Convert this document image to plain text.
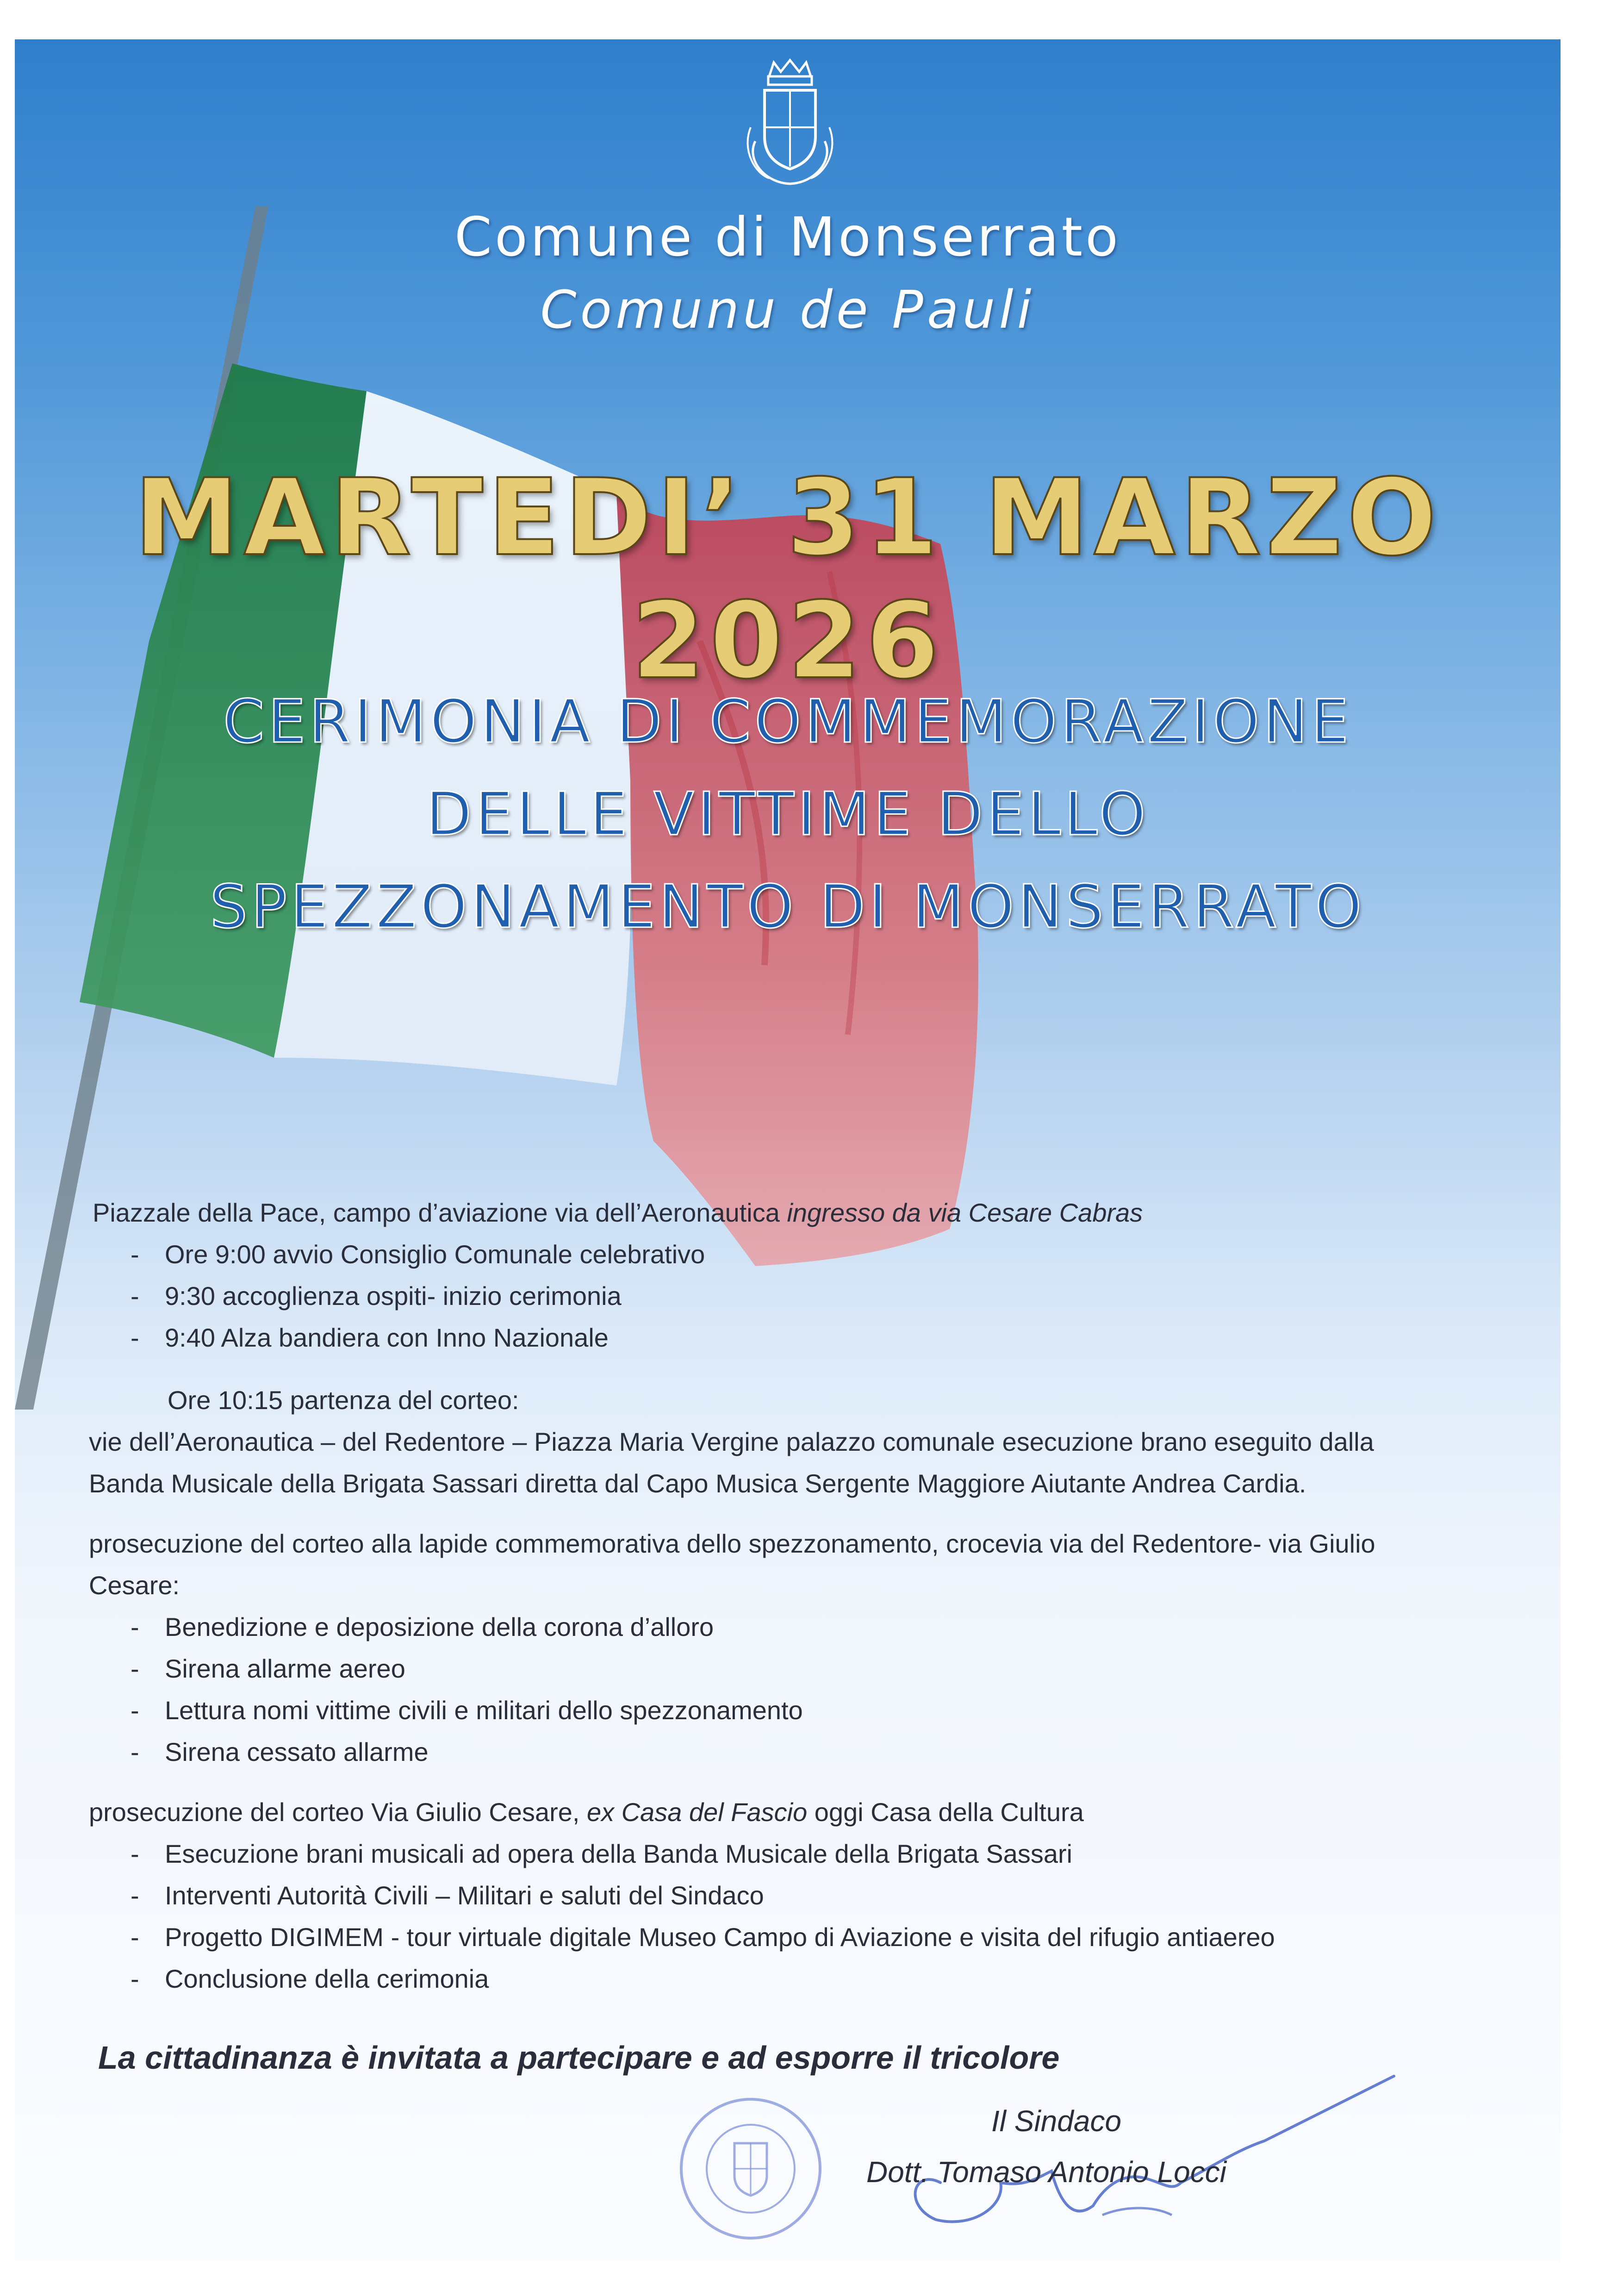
Comune di Monserrato
Comunu de Pauli
MARTEDI’ 31 MARZO 2026
CERIMONIA DI COMMEMORAZIONE
DELLE VITTIME DELLO
SPEZZONAMENTO DI MONSERRATO
Piazzale della Pace, campo d’aviazione via dell’Aeronautica ingresso da via Cesare Cabras
- Ore 9:00 avvio Consiglio Comunale celebrativo
- 9:30 accoglienza ospiti- inizio cerimonia
- 9:40 Alza bandiera con Inno Nazionale
Ore 10:15 partenza del corteo:
vie dell’Aeronautica – del Redentore – Piazza Maria Vergine palazzo comunale esecuzione brano eseguito dalla
Banda Musicale della Brigata Sassari diretta dal Capo Musica Sergente Maggiore Aiutante Andrea Cardia.
prosecuzione del corteo alla lapide commemorativa dello spezzonamento, crocevia via del Redentore- via Giulio
Cesare:
- Benedizione e deposizione della corona d’alloro
- Sirena allarme aereo
- Lettura nomi vittime civili e militari dello spezzonamento
- Sirena cessato allarme
prosecuzione del corteo Via Giulio Cesare, ex Casa del Fascio oggi Casa della Cultura
- Esecuzione brani musicali ad opera della Banda Musicale della Brigata Sassari
- Interventi Autorità Civili – Militari e saluti del Sindaco
- Progetto DIGIMEM - tour virtuale digitale Museo Campo di Aviazione e visita del rifugio antiaereo
- Conclusione della cerimonia
La cittadinanza è invitata a partecipare e ad esporre il tricolore
Il Sindaco
Dott. Tomaso Antonio Locci
